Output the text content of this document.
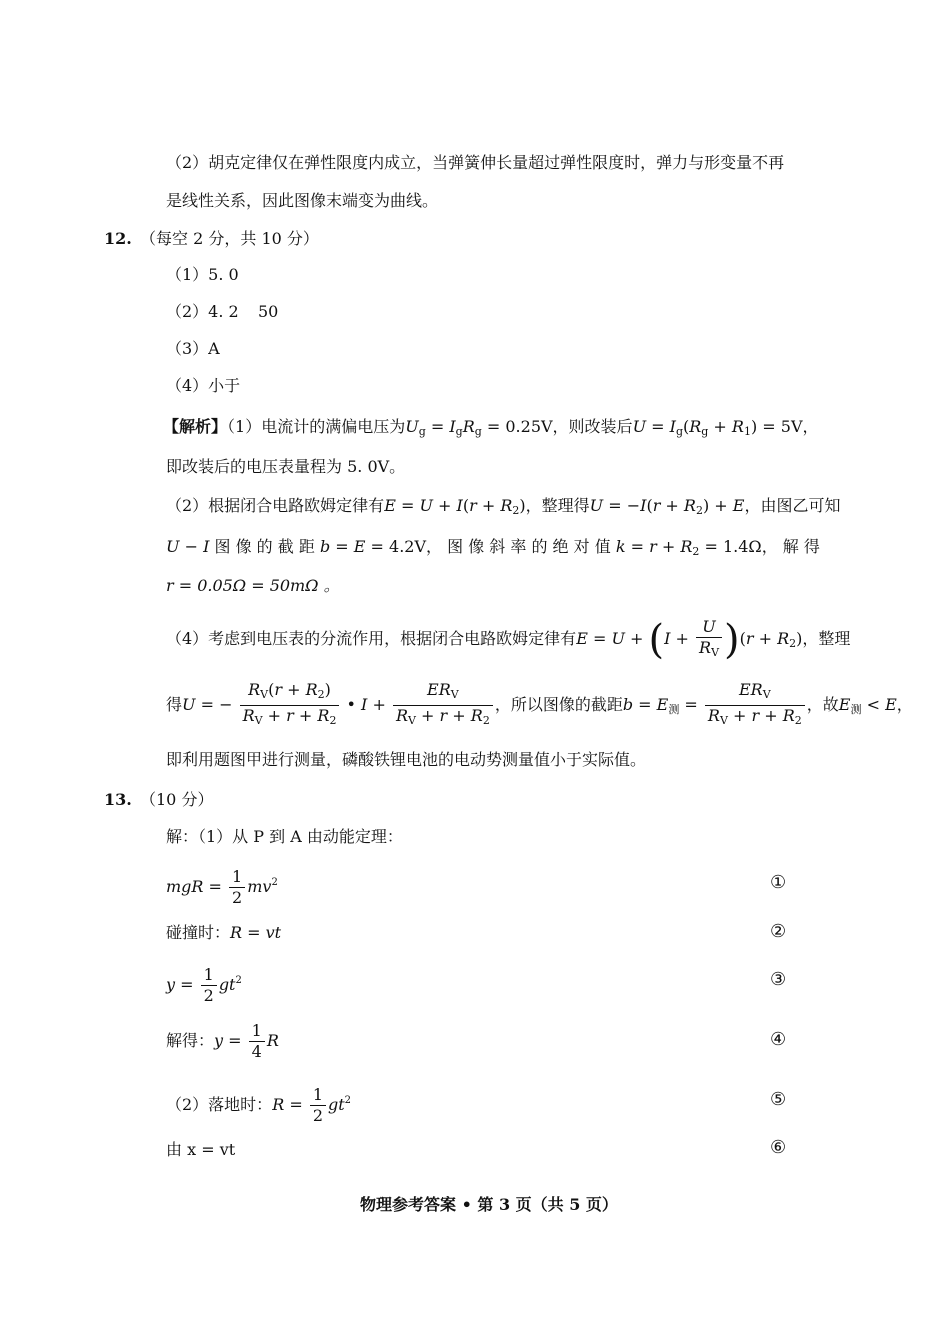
（2）胡克定律仅在弹性限度内成立，当弹簧伸长量超过弹性限度时，弹力与形变量不再
是线性关系，因此图像末端变为曲线。
12. （每空 2 分，共 10 分）
（1）5. 0
（2）4. 2 50
（3）A
（4）小于
【解析】（1）电流计的满偏电压为Ug = IgRg = 0.25V，则改装后U = Ig(Rg + R1) = 5V，
即改装后的电压表量程为 5. 0V。
（2）根据闭合电路欧姆定律有E = U + I(r + R2)，整理得U = −I(r + R2) + E，由图乙可知
U − I 图 像 的 截 距 b = E = 4.2V， 图 像 斜 率 的 绝 对 值 k = r + R2 = 1.4Ω， 解 得
r = 0.05Ω = 50mΩ 。
（4）考虑到电压表的分流作用，根据闭合电路欧姆定律有$E = U + (I + \frac{U}{RV} )(r + R2)$，整理
得U = − $\frac{RV(r + R2)}{RV + r + R2}$ • $I + \frac{\text{ERV}}{RV + r + R2}$ ，所以图像的截距b = E测 = $\frac{\text{ERV}}{RV + r + R2}$ ，故E测 < E，
即利用题图甲进行测量，磷酸铁锂电池的电动势测量值小于实际值。
13. （10 分）
解：（1）从 P 到 A 由动能定理：
mgR = $\frac{1}{2} mv^2$	①
碰撞时：R = vt	②
$y = \frac{1}{2} gt^2$	③
解得：$y = \frac{1}{4}$ R	④
（2）落地时：$R = \frac{1}{2} gt^2$	⑤
由 x = vt	⑥
物理参考答案 • 第 3 页（共 5 页）
